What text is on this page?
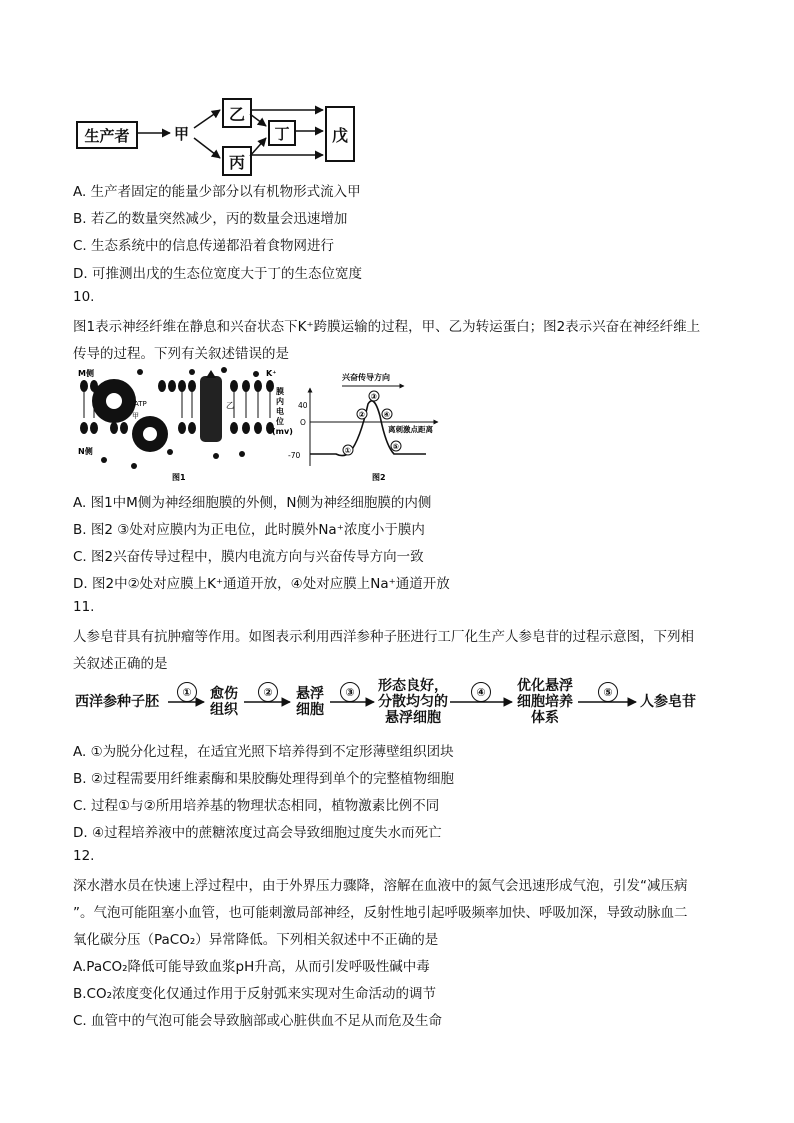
生产者	甲
乙
丙
丁	戊
A. 生产者固定的能量少部分以有机物形式流入甲
B. 若乙的数量突然减少，丙的数量会迅速增加
C. 生态系统中的信息传递都沿着食物网进行
D. 可推测出戊的生态位宽度大于丁的生态位宽度
10.
图1表示神经纤维在静息和兴奋状态下K⁺跨膜运输的过程，甲、乙为转运蛋白；图2表示兴奋在神经纤维上
传导的过程。下列有关叙述错误的是
M侧
N侧
K⁺
ATP
甲
乙
图1
兴奋传导方向
膜内电位(mv)	离刺激点距离
40
O
-70
①
②
③
④
⑤
图2
A. 图1中M侧为神经细胞膜的外侧，N侧为神经细胞膜的内侧
B. 图2 ③处对应膜内为正电位，此时膜外Na⁺浓度小于膜内
C. 图2兴奋传导过程中，膜内电流方向与兴奋传导方向一致
D. 图2中②处对应膜上K⁺通道开放，④处对应膜上Na⁺通道开放
11.
人参皂苷具有抗肿瘤等作用。如图表示利用西洋参种子胚进行工厂化生产人参皂苷的过程示意图，下列相
关叙述正确的是
西洋参种子胚
①	愈伤组织
②	悬浮细胞
③	形态良好，分散均匀的悬浮细胞
④	优化悬浮细胞培养体系
⑤
人参皂苷
A. ①为脱分化过程，在适宜光照下培养得到不定形薄壁组织团块
B. ②过程需要用纤维素酶和果胶酶处理得到单个的完整植物细胞
C. 过程①与②所用培养基的物理状态相同，植物激素比例不同
D. ④过程培养液中的蔗糖浓度过高会导致细胞过度失水而死亡
12.
深水潜水员在快速上浮过程中，由于外界压力骤降，溶解在血液中的氮气会迅速形成气泡，引发“减压病
”。气泡可能阻塞小血管，也可能刺激局部神经，反射性地引起呼吸频率加快、呼吸加深，导致动脉血二
氧化碳分压（PaCO₂）异常降低。下列相关叙述中不正确的是
A.PaCO₂降低可能导致血浆pH升高，从而引发呼吸性碱中毒
B.CO₂浓度变化仅通过作用于反射弧来实现对生命活动的调节
C. 血管中的气泡可能会导致脑部或心脏供血不足从而危及生命
